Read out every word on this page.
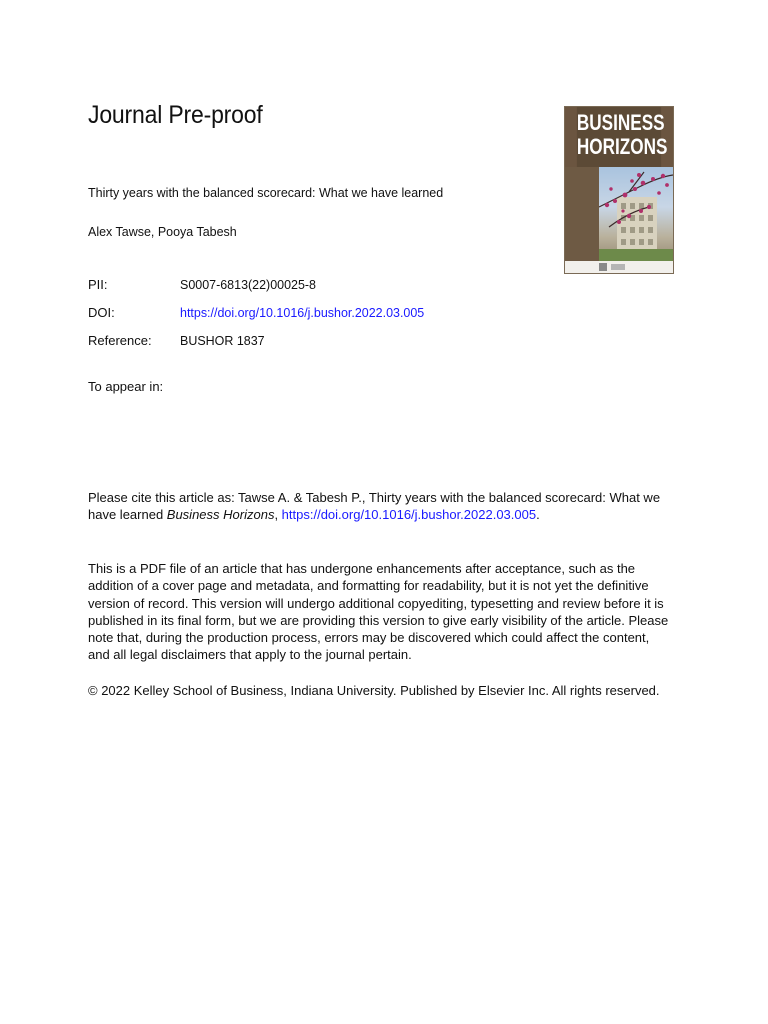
Journal Pre-proof	BUSINESS
HORIZONS
Thirty years with the balanced scorecard: What we have learned
Alex Tawse, Pooya Tabesh
PII:	S0007-6813(22)00025-8
DOI:	https://doi.org/10.1016/j.bushor.2022.03.005
Reference: BUSHOR 1837
To appear in:

Please cite this article as: Tawse A. & Tabesh P., Thirty years with the balanced scorecard: What we have learned Business Horizons, https://doi.org/10.1016/j.bushor.2022.03.005.

This is a PDF file of an article that has undergone enhancements after acceptance, such as the addition of a cover page and metadata, and formatting for readability, but it is not yet the definitive version of record. This version will undergo additional copyediting, typesetting and review before it is published in its final form, but we are providing this version to give early visibility of the article. Please note that, during the production process, errors may be discovered which could affect the content, and all legal disclaimers that apply to the journal pertain.

© 2022 Kelley School of Business, Indiana University. Published by Elsevier Inc. All rights reserved.
